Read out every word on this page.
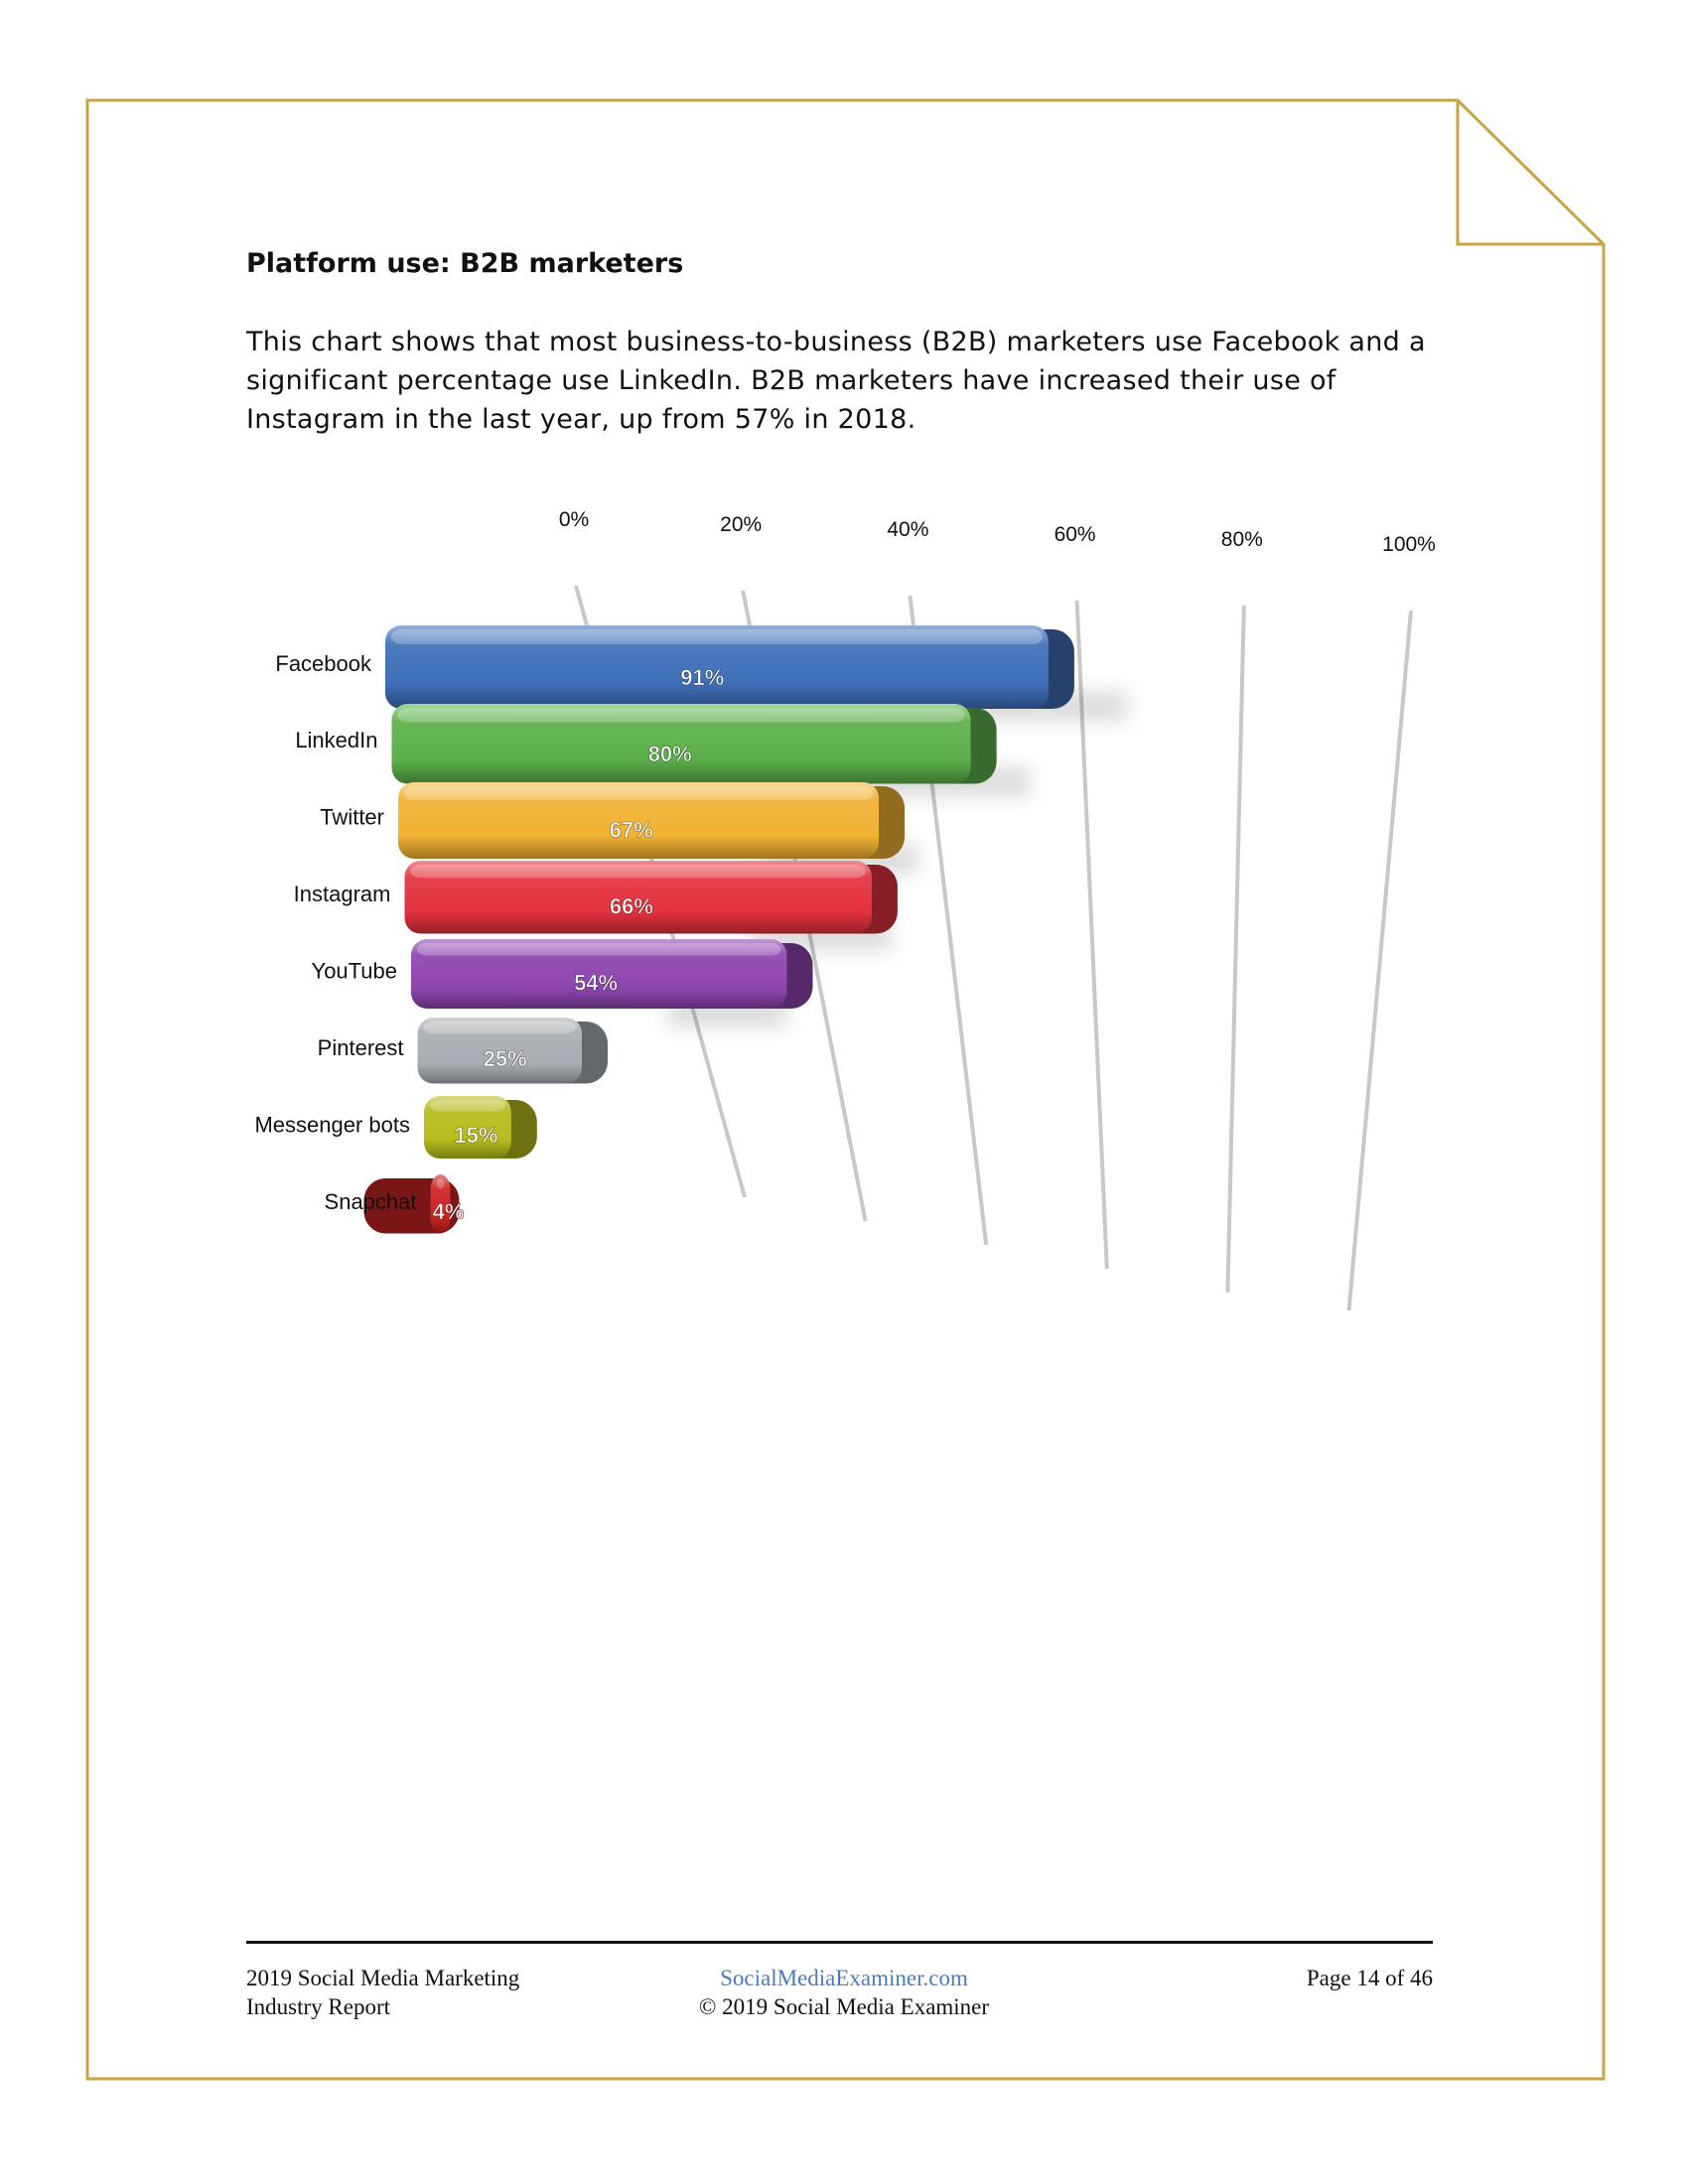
Platform use: B2B marketers

This chart shows that most business-to-business (B2B) marketers use Facebook and a significant percentage use LinkedIn. B2B marketers have increased their use of Instagram in the last year, up from 57% in 2018.

0%	20%	40%	60%	80%	100%
91%
80%
67%
66%
54%
25%
15%
4%
Facebook
LinkedIn
Twitter
Instagram
YouTube
Pinterest
Messenger bots
Snapchat
2019 Social Media Marketing
Industry Report
SocialMediaExaminer.com
© 2019 Social Media Examiner
Page 14 of 46
